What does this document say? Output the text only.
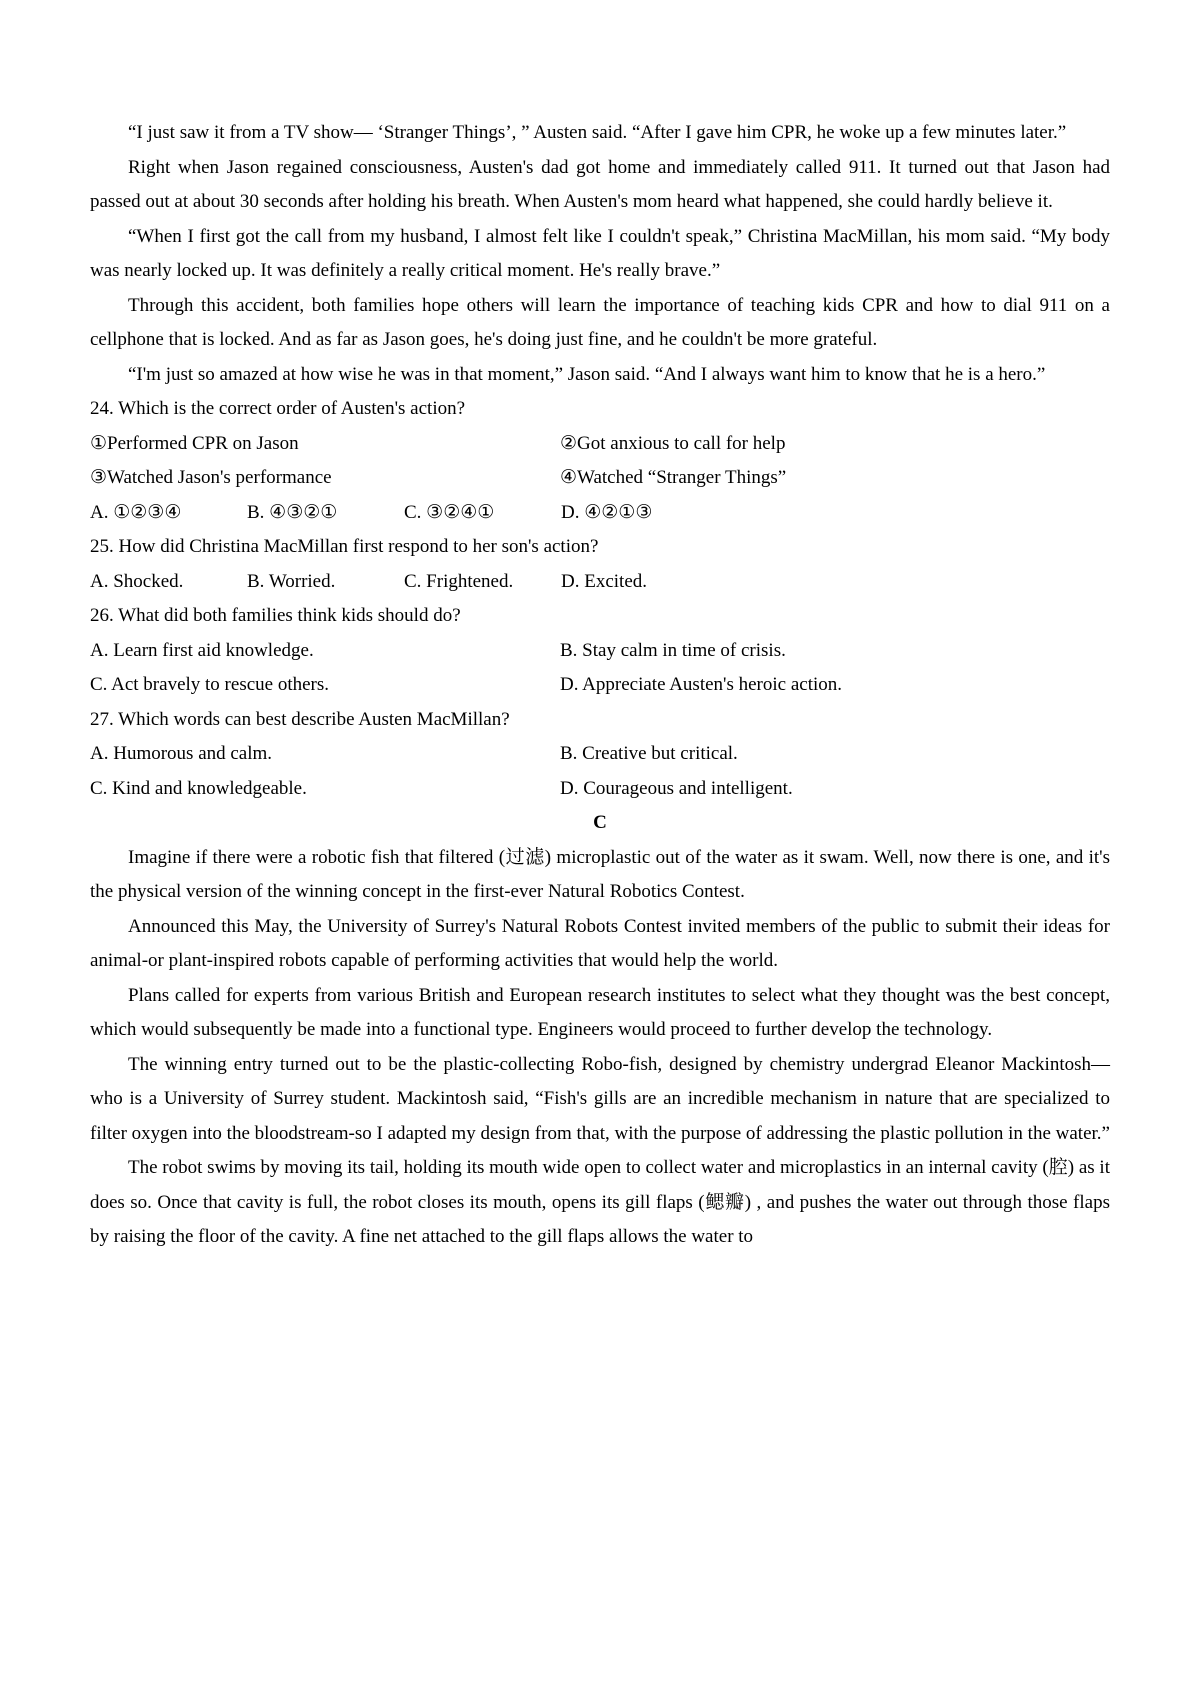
“I just saw it from a TV show— ‘Stranger Things’, ” Austen said. “After I gave him CPR, he woke up a few minutes later.”

Right when Jason regained consciousness, Austen's dad got home and immediately called 911. It turned out that Jason had passed out at about 30 seconds after holding his breath. When Austen's mom heard what happened, she could hardly believe it.

“When I first got the call from my husband, I almost felt like I couldn't speak,” Christina MacMillan, his mom said. “My body was nearly locked up. It was definitely a really critical moment. He's really brave.”

Through this accident, both families hope others will learn the importance of teaching kids CPR and how to dial 911 on a cellphone that is locked. And as far as Jason goes, he's doing just fine, and he couldn't be more grateful.

“I'm just so amazed at how wise he was in that moment,” Jason said. “And I always want him to know that he is a hero.”

24. Which is the correct order of Austen's action?
①Performed CPR on Jason	②Got anxious to call for help
③Watched Jason's performance	④Watched “Stranger Things”
A. ①②③④	B. ④③②①	C. ③②④①	D. ④②①③
25. How did Christina MacMillan first respond to her son's action?
A. Shocked.	B. Worried.	C. Frightened.	D. Excited.
26. What did both families think kids should do?
A. Learn first aid knowledge.	B. Stay calm in time of crisis.
C. Act bravely to rescue others.	D. Appreciate Austen's heroic action.
27. Which words can best describe Austen MacMillan?
A. Humorous and calm.	B. Creative but critical.
C. Kind and knowledgeable.	D. Courageous and intelligent.
C

Imagine if there were a robotic fish that filtered (过滤) microplastic out of the water as it swam. Well, now there is one, and it's the physical version of the winning concept in the first-ever Natural Robotics Contest.

Announced this May, the University of Surrey's Natural Robots Contest invited members of the public to submit their ideas for animal-or plant-inspired robots capable of performing activities that would help the world.

Plans called for experts from various British and European research institutes to select what they thought was the best concept, which would subsequently be made into a functional type. Engineers would proceed to further develop the technology.

The winning entry turned out to be the plastic-collecting Robo-fish, designed by chemistry undergrad Eleanor Mackintosh— who is a University of Surrey student. Mackintosh said, “Fish's gills are an incredible mechanism in nature that are specialized to filter oxygen into the bloodstream-so I adapted my design from that, with the purpose of addressing the plastic pollution in the water.”

The robot swims by moving its tail, holding its mouth wide open to collect water and microplastics in an internal cavity (腔) as it does so. Once that cavity is full, the robot closes its mouth, opens its gill flaps (鳃瓣) , and pushes the water out through those flaps by raising the floor of the cavity. A fine net attached to the gill flaps allows the water to
